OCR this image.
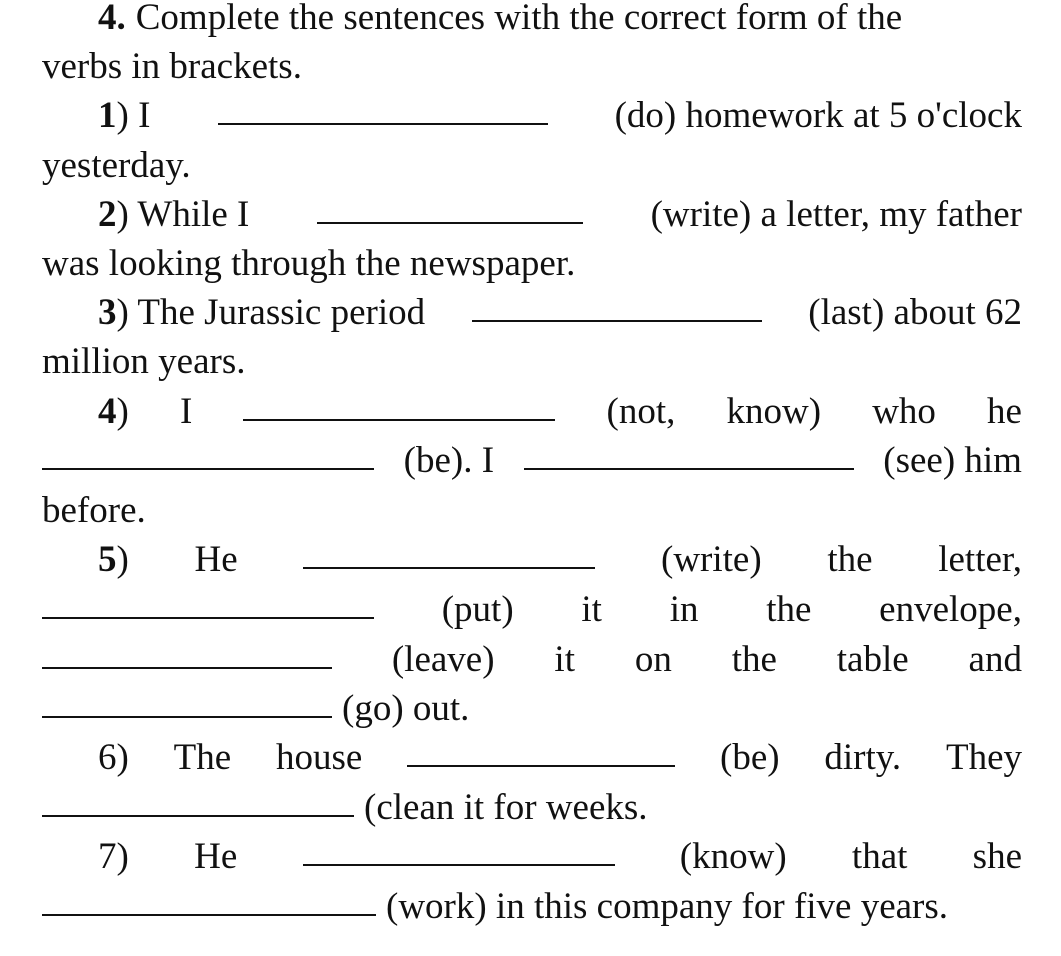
4. Complete the sentences with the correct form of the
verbs in brackets.
1) I	(do) homework at 5 o'clock
yesterday.
2) While I	(write) a letter, my father
was looking through the newspaper.
3) The Jurassic period	(last) about 62
million years.
4) I	(not, know) who he
(be). I	(see) him
before.
5) He	(write) the letter,
(put) it in the envelope,
(leave) it on the table and
(go) out.
6) The house	(be) dirty. They
(clean it for weeks.
7) He	(know) that she
(work) in this company for five years.
